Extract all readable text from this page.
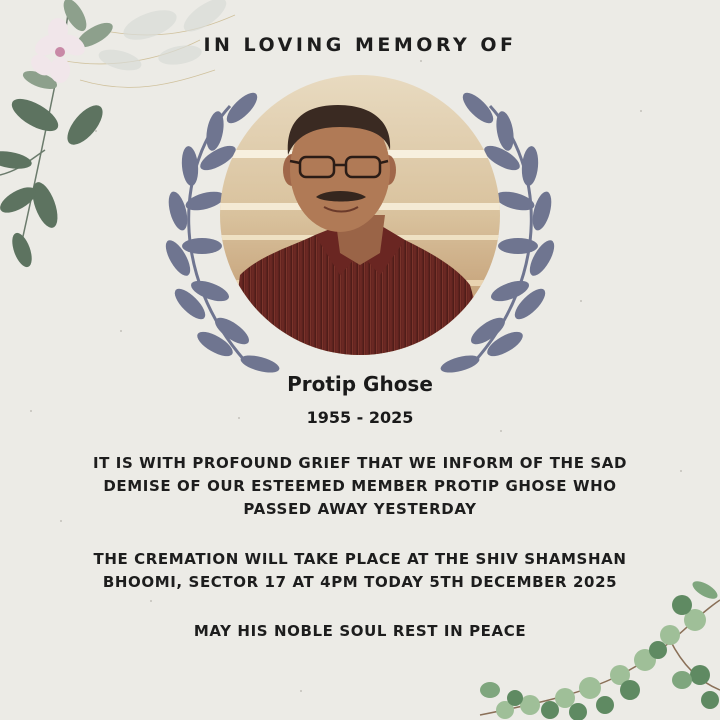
IN LOVING MEMORY OF
Protip Ghose
1955 - 2025
IT IS WITH PROFOUND GRIEF THAT WE INFORM OF THE SAD
DEMISE OF OUR ESTEEMED MEMBER PROTIP GHOSE WHO
PASSED AWAY YESTERDAY
THE CREMATION WILL TAKE PLACE AT THE SHIV SHAMSHAN
BHOOMI, SECTOR 17 AT 4PM TODAY 5TH DECEMBER 2025
MAY HIS NOBLE SOUL REST IN PEACE
